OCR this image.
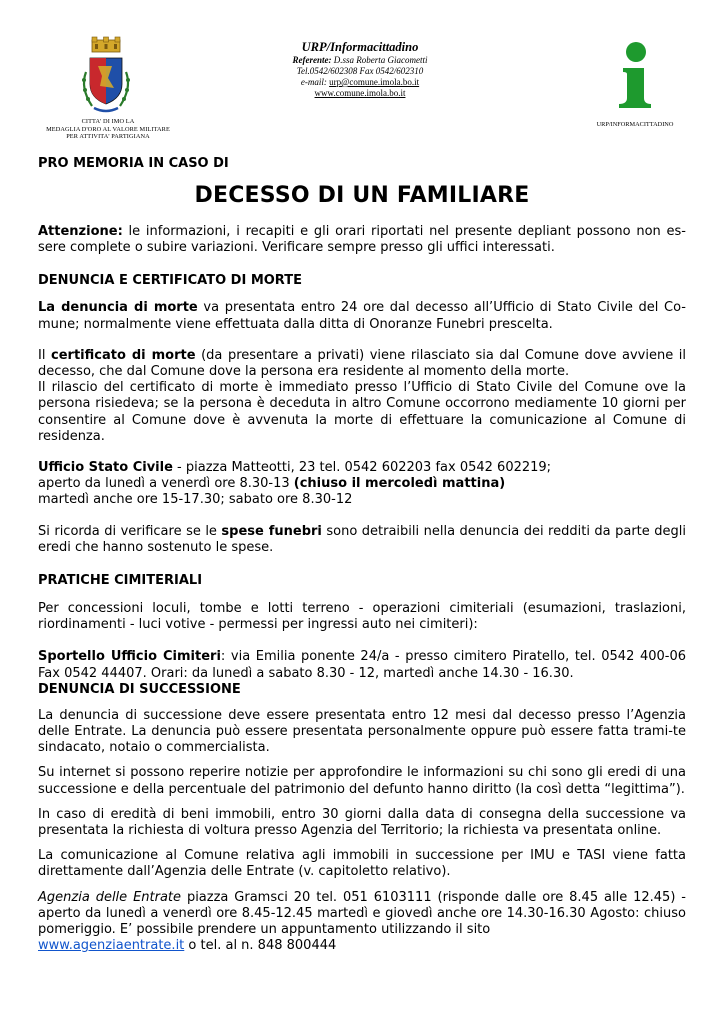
CITTA' DI IMO LA
MEDAGLIA D'ORO AL VALORE MILITARE
PER ATTIVITA' PARTIGIANA
URP/Informacittadino
Referente: D.ssa Roberta Giacometti
Tel.0542/602308 Fax 0542/602310
e-mail: urp@comune.imola.bo.it
www.comune.imola.bo.it
URP/INFORMACITTADINO
PRO MEMORIA IN CASO DI
DECESSO DI UN FAMILIARE

Attenzione: le informazioni, i recapiti e gli orari riportati nel presente depliant possono non es-sere complete o subire variazioni. Verificare sempre presso gli uffici interessati.

DENUNCIA E CERTIFICATO DI MORTE

La denuncia di morte va presentata entro 24 ore dal decesso all’Ufficio di Stato Civile del Co-mune; normalmente viene effettuata dalla ditta di Onoranze Funebri prescelta.

Il certificato di morte (da presentare a privati) viene rilasciato sia dal Comune dove avviene il decesso, che dal Comune dove la persona era residente al momento della morte.

Il rilascio del certificato di morte è immediato presso l’Ufficio di Stato Civile del Comune ove la persona risiedeva; se la persona è deceduta in altro Comune occorrono mediamente 10 giorni per consentire al Comune dove è avvenuta la morte di effettuare la comunicazione al Comune di residenza.

Ufficio Stato Civile - piazza Matteotti, 23 tel. 0542 602203 fax 0542 602219;
aperto da lunedì a venerdì ore 8.30-13 (chiuso il mercoledì mattina)
martedì anche ore 15-17.30; sabato ore 8.30-12

Si ricorda di verificare se le spese funebri sono detraibili nella denuncia dei redditi da parte degli eredi che hanno sostenuto le spese.

PRATICHE CIMITERIALI

Per concessioni loculi, tombe e lotti terreno - operazioni cimiteriali (esumazioni, traslazioni, riordinamenti - luci votive - permessi per ingressi auto nei cimiteri):

Sportello Ufficio Cimiteri: via Emilia ponente 24/a - presso cimitero Piratello, tel. 0542 400-06 Fax 0542 44407. Orari: da lunedì a sabato 8.30 - 12, martedì anche 14.30 - 16.30.

DENUNCIA DI SUCCESSIONE

La denuncia di successione deve essere presentata entro 12 mesi dal decesso presso l’Agenzia delle Entrate. La denuncia può essere presentata personalmente oppure può essere fatta trami-te sindacato, notaio o commercialista.

Su internet si possono reperire notizie per approfondire le informazioni su chi sono gli eredi di una successione e della percentuale del patrimonio del defunto hanno diritto (la così detta “legittima”).

In caso di eredità di beni immobili, entro 30 giorni dalla data di consegna della successione va presentata la richiesta di voltura presso Agenzia del Territorio; la richiesta va presentata online.

La comunicazione al Comune relativa agli immobili in successione per IMU e TASI viene fatta direttamente dall’Agenzia delle Entrate (v. capitoletto relativo).

Agenzia delle Entrate piazza Gramsci 20 tel. 051 6103111 (risponde dalle ore 8.45 alle 12.45) - aperto da lunedì a venerdì ore 8.45-12.45 martedì e giovedì anche ore 14.30-16.30 Agosto: chiuso pomeriggio. E’ possibile prendere un appuntamento utilizzando il sito
www.agenziaentrate.it o tel. al n. 848 800444
